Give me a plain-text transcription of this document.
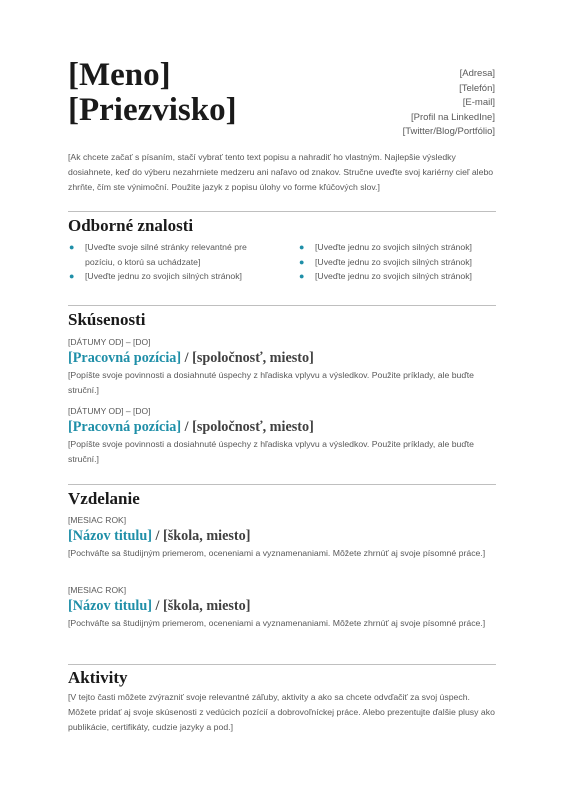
[Meno]
[Priezvisko]
[Adresa]
[Telefón]
[E-mail]
[Profil na LinkedIne]
[Twitter/Blog/Portfólio]
[Ak chcete začať s písaním, stačí vybrať tento text popisu a nahradiť ho vlastným. Najlepšie výsledky dosiahnete, keď do výberu nezahrniete medzeru ani naľavo od znakov. Stručne uveďte svoj kariérny cieľ alebo zhrňte, čím ste výnimoční. Použite jazyk z popisu úlohy vo forme kľúčových slov.]
Odborné znalosti
● [Uveďte svoje silné stránky relevantné pre pozíciu, o ktorú sa uchádzate]
● [Uveďte jednu zo svojich silných stránok]
● [Uveďte jednu zo svojich silných stránok]
● [Uveďte jednu zo svojich silných stránok]
● [Uveďte jednu zo svojich silných stránok]
Skúsenosti
[DÁTUMY OD] – [DO]
[Pracovná pozícia] / [spoločnosť, miesto]
[Popíšte svoje povinnosti a dosiahnuté úspechy z hľadiska vplyvu a výsledkov. Použite príklady, ale buďte struční.]
[DÁTUMY OD] – [DO]
[Pracovná pozícia] / [spoločnosť, miesto]
[Popíšte svoje povinnosti a dosiahnuté úspechy z hľadiska vplyvu a výsledkov. Použite príklady, ale buďte struční.]
Vzdelanie
[MESIAC ROK]
[Názov titulu] / [škola, miesto]
[Pochváľte sa študijným priemerom, oceneniami a vyznamenaniami. Môžete zhrnúť aj svoje písomné práce.]
[MESIAC ROK]
[Názov titulu] / [škola, miesto]
[Pochváľte sa študijným priemerom, oceneniami a vyznamenaniami. Môžete zhrnúť aj svoje písomné práce.]
Aktivity
[V tejto časti môžete zvýrazniť svoje relevantné záľuby, aktivity a ako sa chcete odvďačiť za svoj úspech. Môžete pridať aj svoje skúsenosti z vedúcich pozícií a dobrovoľníckej práce. Alebo prezentujte ďalšie plusy ako publikácie, certifikáty, cudzie jazyky a pod.]
